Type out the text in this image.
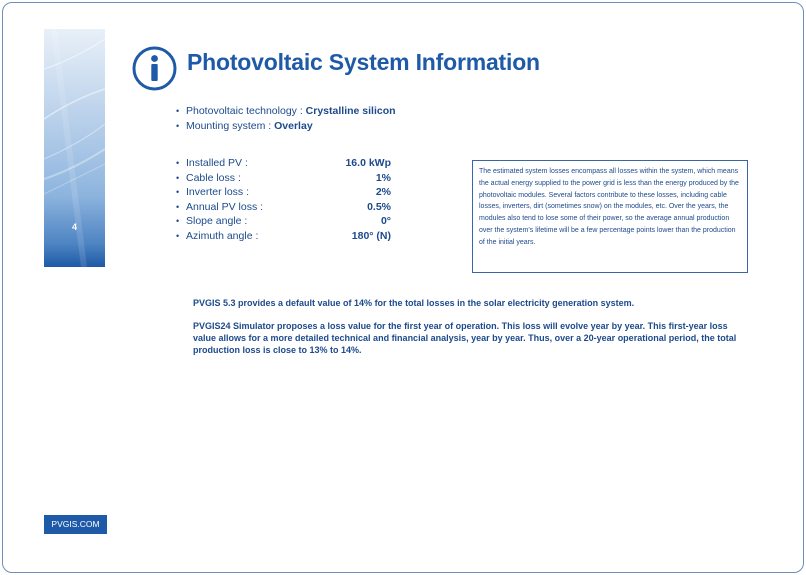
4
Photovoltaic System Information
• Photovoltaic technology : Crystalline silicon
• Mounting system : Overlay
• Installed PV :	16.0 kWp
• Cable loss :	1%
• Inverter loss :	2%
• Annual PV loss :	0.5%
• Slope angle :	0°
• Azimuth angle :	180° (N)
The estimated system losses encompass all losses within the system, which means the actual energy supplied to the power grid is less than the energy produced by the photovoltaic modules. Several factors contribute to these losses, including cable losses, inverters, dirt (sometimes snow) on the modules, etc. Over the years, the modules also tend to lose some of their power, so the average annual production over the system's lifetime will be a few percentage points lower than the production of the initial years.
PVGIS 5.3 provides a default value of 14% for the total losses in the solar electricity generation system.
PVGIS24 Simulator proposes a loss value for the first year of operation. This loss will evolve year by year. This first-year loss value allows for a more detailed technical and financial analysis, year by year. Thus, over a 20-year operational period, the total production loss is close to 13% to 14%.
PVGIS.COM
